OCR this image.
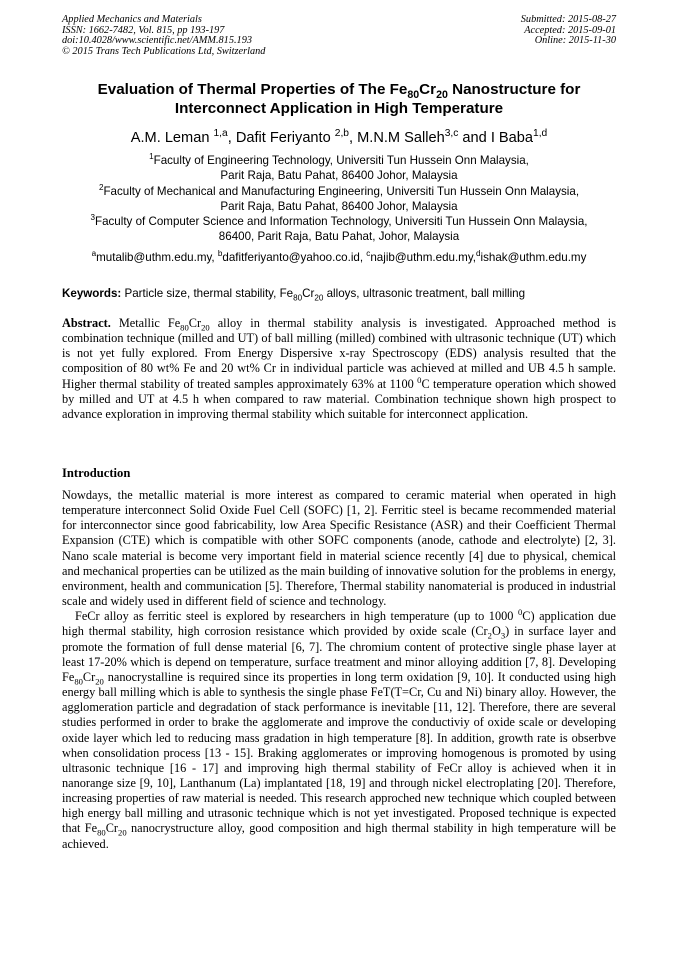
Applied Mechanics and Materials
ISSN: 1662-7482, Vol. 815, pp 193-197
doi:10.4028/www.scientific.net/AMM.815.193
© 2015 Trans Tech Publications Ltd, Switzerland
Submitted: 2015-08-27
Accepted: 2015-09-01
Online: 2015-11-30
Evaluation of Thermal Properties of The $Fe_{80}Cr_{20}$ Nanostructure for
Interconnect Application in High Temperature
A.M. Leman $^{1,a}$, Dafit Feriyanto $^{2,b}$, M.N.M Salleh$^{3,c}$ and I Baba$^{1,d}$
$^1$Faculty of Engineering Technology, Universiti Tun Hussein Onn Malaysia,
Parit Raja, Batu Pahat, 86400 Johor, Malaysia
$^2$Faculty of Mechanical and Manufacturing Engineering, Universiti Tun Hussein Onn Malaysia,
Parit Raja, Batu Pahat, 86400 Johor, Malaysia
$^3$Faculty of Computer Science and Information Technology, Universiti Tun Hussein Onn Malaysia,
86400, Parit Raja, Batu Pahat, Johor, Malaysia
$^a$mutalib@uthm.edu.my, $^b$dafitferiyanto@yahoo.co.id, $^c$najib@uthm.edu.my,$^d$ishak@uthm.edu.my
Keywords: Particle size, thermal stability, $Fe_{80}Cr_{20}$ alloys, ultrasonic treatment, ball milling
Abstract. Metallic $Fe_{80}Cr_{20}$ alloy in thermal stability analysis is investigated. Approached method is combination technique (milled and UT) of ball milling (milled) combined with ultrasonic technique (UT) which is not yet fully explored. From Energy Dispersive x-ray Spectroscopy (EDS) analysis resulted that the composition of 80 wt% Fe and 20 wt% Cr in individual particle was achieved at milled and UB 4.5 h sample. Higher thermal stability of treated samples approximately 63% at 1100 $^0$C temperature operation which showed by milled and UT at 4.5 h when compared to raw material. Combination technique shown high prospect to advance exploration in improving thermal stability which suitable for interconnect application.
Introduction

Nowdays, the metallic material is more interest as compared to ceramic material when operated in high temperature interconnect Solid Oxide Fuel Cell (SOFC) [1, 2]. Ferritic steel is became recommended material for interconnector since good fabricability, low Area Specific Resistance (ASR) and their Coefficient Thermal Expansion (CTE) which is compatible with other SOFC components (anode, cathode and electrolyte) [2, 3]. Nano scale material is become very important field in material science recently [4] due to physical, chemical and mechanical properties can be utilized as the main building of innovative solution for the problems in energy, environment, health and communication [5]. Therefore, Thermal stability nanomaterial is produced in industrial scale and widely used in different field of science and technology.

FeCr alloy as ferritic steel is explored by researchers in high temperature (up to 1000 $^0$C) application due high thermal stability, high corrosion resistance which provided by oxide scale $(Cr_2O_3)$ in surface layer and promote the formation of full dense material [6, 7]. The chromium content of protective single phase layer at least 17-20% which is depend on temperature, surface treatment and minor alloying addition [7, 8]. Developing $Fe_{80}Cr_{20}$ nanocrystalline is required since its properties in long term oxidation [9, 10]. It conducted using high energy ball milling which is able to synthesis the single phase FeT(T=Cr, Cu and Ni) binary alloy. However, the agglomeration particle and degradation of stack performance is inevitable [11, 12]. Therefore, there are several studies performed in order to brake the agglomerate and improve the conductiviy of oxide scale or developing oxide layer which led to reducing mass gradation in high temperature [8]. In addition, growth rate is obserbve when consolidation process [13 - 15]. Braking agglomerates or improving homogenous is promoted by using ultrasonic technique [16 - 17] and improving high thermal stability of FeCr alloy is achieved when it in nanorange size [9, 10], Lanthanum (La) implantated [18, 19] and through nickel electroplating [20]. Therefore, increasing properties of raw material is needed. This research approched new technique which coupled between high energy ball milling and utrasonic technique which is not yet investigated. Proposed technique is expected that $Fe_{80}Cr_{20}$ nanocrystructure alloy, good composition and high thermal stability in high temperature will be achieved.
